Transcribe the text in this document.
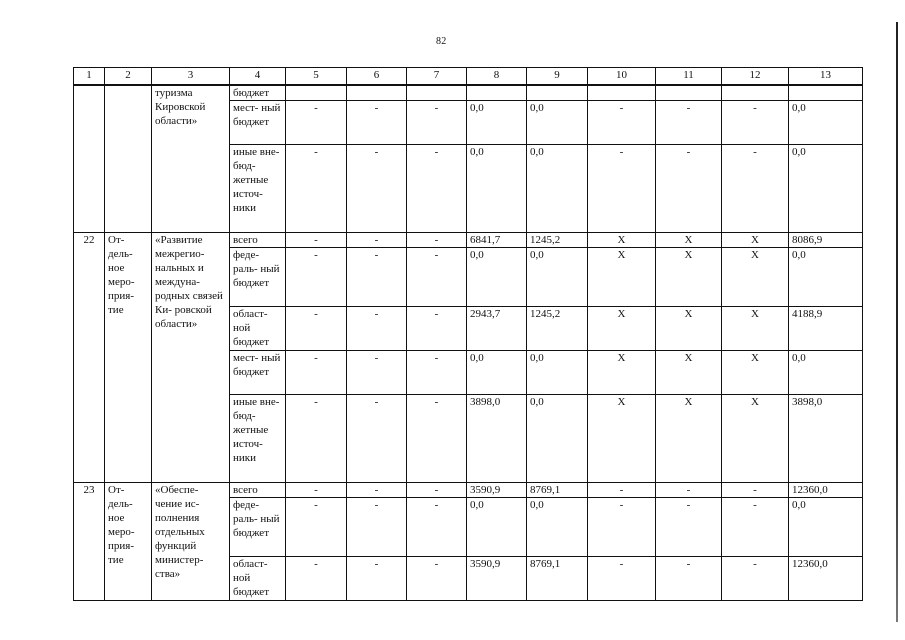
82
1	2	3	4	5	6	7	8	9	10	11	12	13
		туризма Кировской области»	бюджет									
			мест- ный бюджет	-	-	-	0,0	0,0	-	-	-	0,0
			иные вне- бюд- жетные источ- ники	-	-	-	0,0	0,0	-	-	-	0,0
22	От- дель- ное меро- прия- тие	«Развитие межрегио- нальных и междуна- родных связей Ки- ровской области»	всего	-	-	-	6841,7	1245,2	X	X	X	8086,9
			феде- раль- ный бюджет	-	-	-	0,0	0,0	X	X	X	0,0
			област- ной бюджет	-	-	-	2943,7	1245,2	X	X	X	4188,9
			мест- ный бюджет	-	-	-	0,0	0,0	X	X	X	0,0
			иные вне- бюд- жетные источ- ники	-	-	-	3898,0	0,0	X	X	X	3898,0
23	От- дель- ное меро- прия- тие	«Обеспе- чение ис- полнения отдельных функций министер- ства»	всего	-	-	-	3590,9	8769,1	-	-	-	12360,0
			феде- раль- ный бюджет	-	-	-	0,0	0,0	-	-	-	0,0
			област- ной бюджет	-	-	-	3590,9	8769,1	-	-	-	12360,0
